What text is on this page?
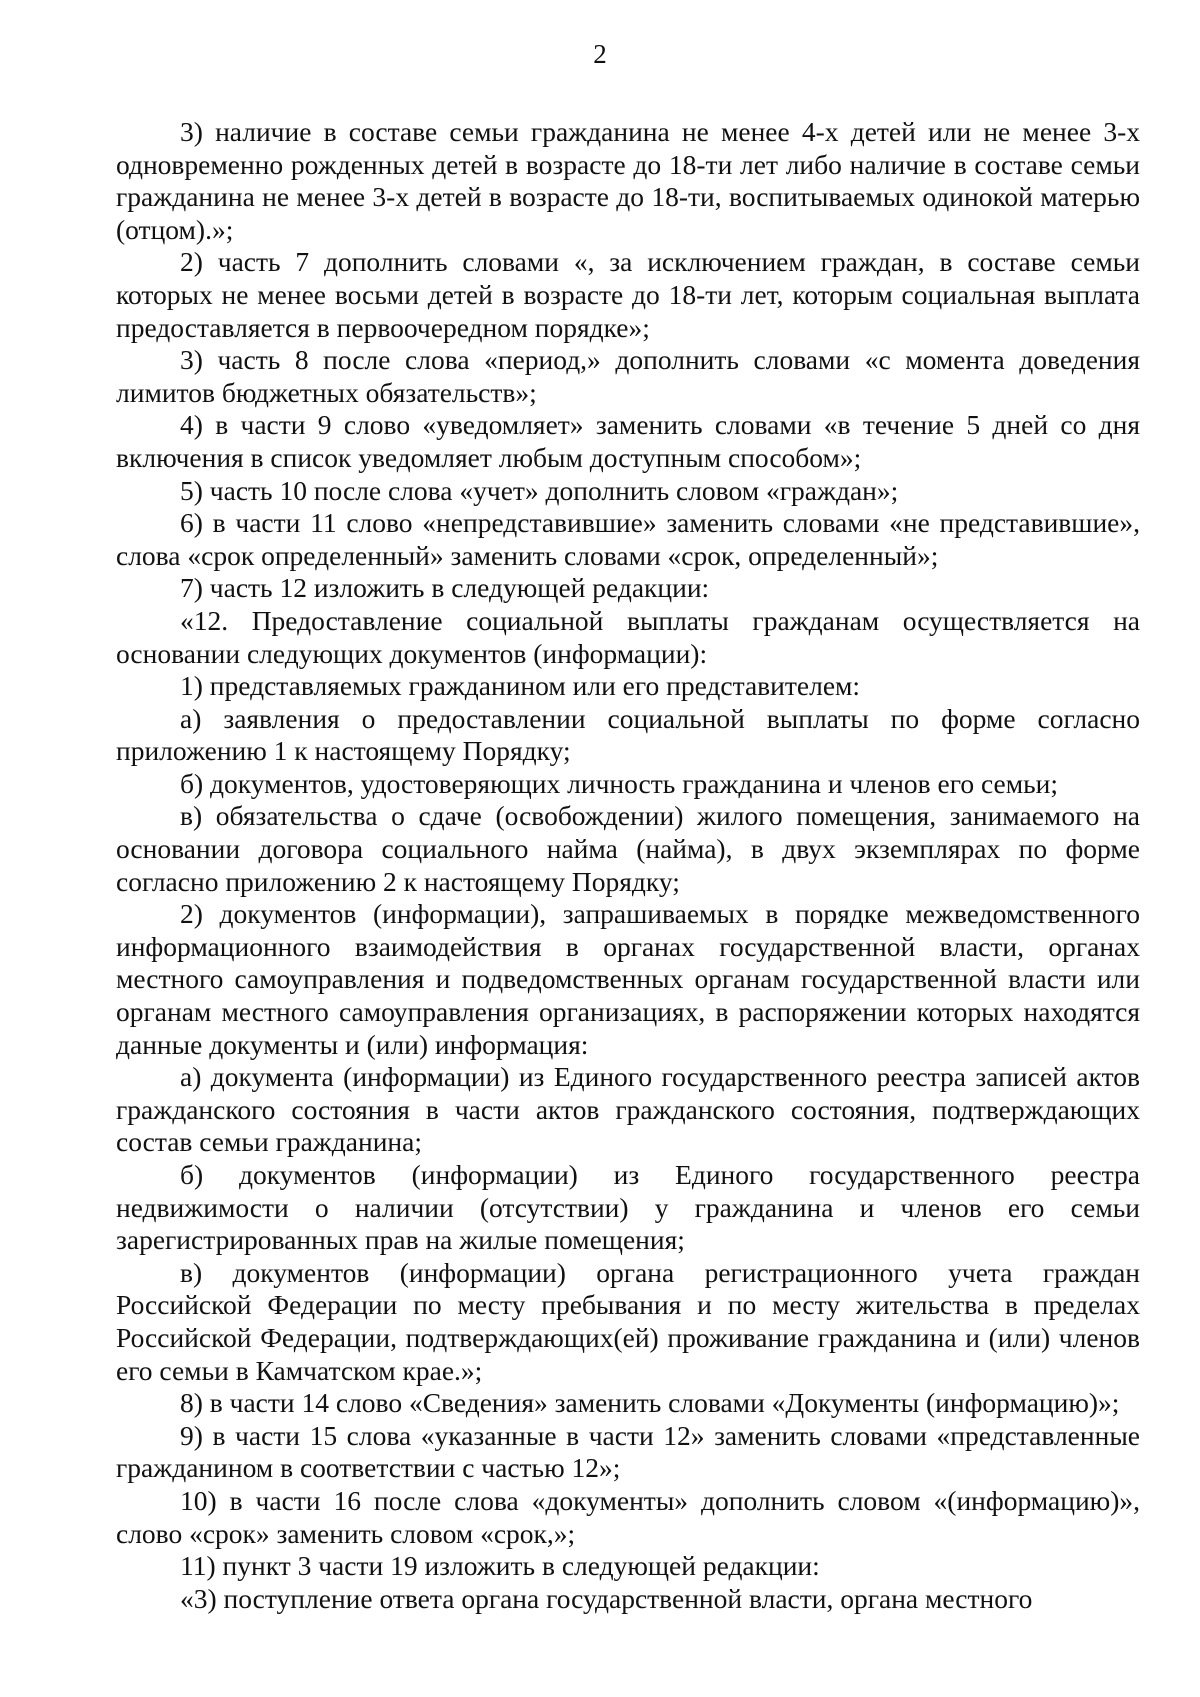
2

3) наличие в составе семьи гражданина не менее 4-х детей или не менее 3-х одновременно рожденных детей в возрасте до 18-ти лет либо наличие в составе семьи гражданина не менее 3-х детей в возрасте до 18-ти, воспитываемых одинокой матерью (отцом).»;

2) часть 7 дополнить словами «, за исключением граждан, в составе семьи которых не менее восьми детей в возрасте до 18-ти лет, которым социальная выплата предоставляется в первоочередном порядке»;

3) часть 8 после слова «период,» дополнить словами «с момента доведения лимитов бюджетных обязательств»;

4) в части 9 слово «уведомляет» заменить словами «в течение 5 дней со дня включения в список уведомляет любым доступным способом»;

5) часть 10 после слова «учет» дополнить словом «граждан»;

6) в части 11 слово «непредставившие» заменить словами «не представившие», слова «срок определенный» заменить словами «срок, определенный»;

7) часть 12 изложить в следующей редакции:

«12. Предоставление социальной выплаты гражданам осуществляется на основании следующих документов (информации):

1) представляемых гражданином или его представителем:

а) заявления о предоставлении социальной выплаты по форме согласно приложению 1 к настоящему Порядку;

б) документов, удостоверяющих личность гражданина и членов его семьи;

в) обязательства о сдаче (освобождении) жилого помещения, занимаемого на основании договора социального найма (найма), в двух экземплярах по форме согласно приложению 2 к настоящему Порядку;

2) документов (информации), запрашиваемых в порядке межведомственного информационного взаимодействия в органах государственной власти, органах местного самоуправления и подведомственных органам государственной власти или органам местного самоуправления организациях, в распоряжении которых находятся данные документы и (или) информация:

а) документа (информации) из Единого государственного реестра записей актов гражданского состояния в части актов гражданского состояния, подтверждающих состав семьи гражданина;

б) документов (информации) из Единого государственного реестра недвижимости о наличии (отсутствии) у гражданина и членов его семьи зарегистрированных прав на жилые помещения;

в) документов (информации) органа регистрационного учета граждан Российской Федерации по месту пребывания и по месту жительства в пределах Российской Федерации, подтверждающих(ей) проживание гражданина и (или) членов его семьи в Камчатском крае.»;

8) в части 14 слово «Сведения» заменить словами «Документы (информацию)»;

9) в части 15 слова «указанные в части 12» заменить словами «представленные гражданином в соответствии с частью 12»;

10) в части 16 после слова «документы» дополнить словом «(информацию)», слово «срок» заменить словом «срок,»;

11) пункт 3 части 19 изложить в следующей редакции:

«3) поступление ответа органа государственной власти, органа местного
